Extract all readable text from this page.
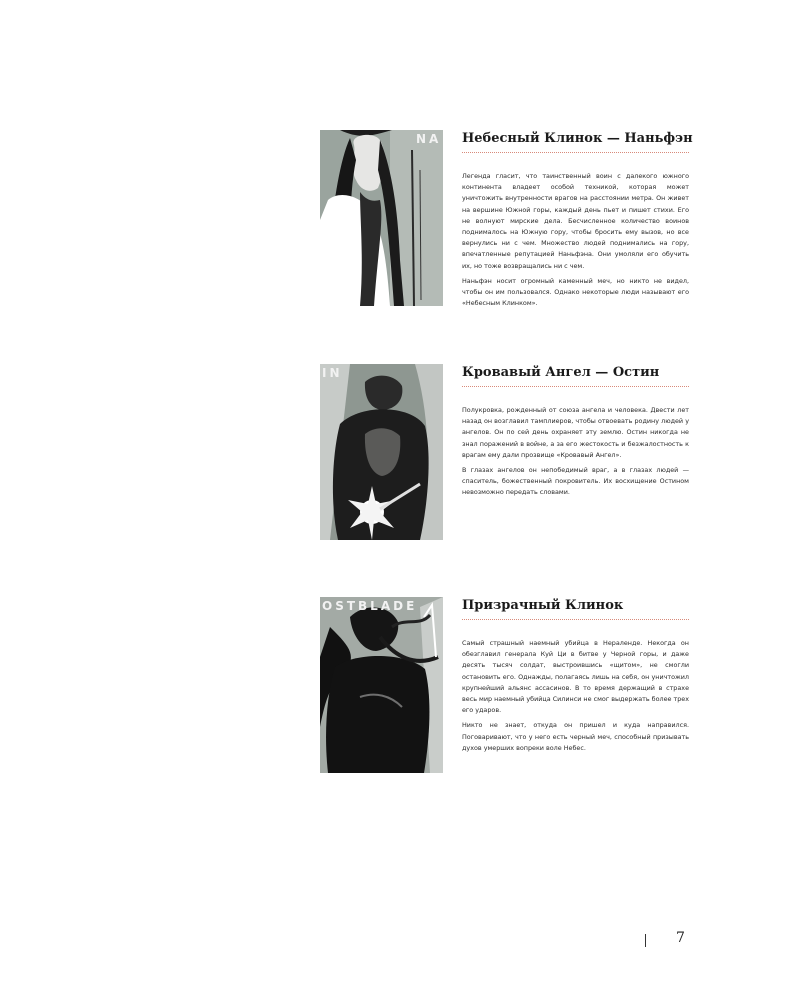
NA Небесный Клинок — Наньфэн

Легенда гласит, что таинственный воин с далекого южного континента владеет особой техникой, которая может уничтожить внутренности врагов на расстоянии метра. Он живет на вершине Южной горы, каждый день пьет и пишет стихи. Его не волнуют мирские дела. Бесчисленное количество воинов поднималось на Южную гору, чтобы бросить ему вызов, но все вернулись ни с чем. Множество людей поднимались на гору, впечатленные репутацией Наньфэна. Они умоляли его обучить их, но тоже возвращались ни с чем.

Наньфэн носит огромный каменный меч, но никто не видел, чтобы он им пользовался. Однако некоторые люди называют его «Небесным Клинком».

IN	Кровавый Ангел — Остин

Полукровка, рожденный от союза ангела и человека. Двести лет назад он возглавил тамплиеров, чтобы отвоевать родину людей у ангелов. Он по сей день охраняет эту землю. Остин никогда не знал поражений в войне, а за его жестокость и безжалостность к врагам ему дали прозвище «Кровавый Ангел».

В глазах ангелов он непобедимый враг, а в глазах людей — спаситель, божественный покровитель. Их восхищение Остином невозможно передать словами.

OSTBLADE	Призрачный Клинок

Самый страшный наемный убийца в Нераленде. Некогда он обезглавил генерала Куй Ци в битве у Черной горы, и даже десять тысяч солдат, выстроившись «щитом», не смогли остановить его. Однажды, полагаясь лишь на себя, он уничтожил крупнейший альянс ассасинов. В то время держащий в страхе весь мир наемный убийца Силинси не смог выдержать более трех его ударов.

Никто не знает, откуда он пришел и куда направился. Поговаривают, что у него есть черный меч, способный призывать духов умерших вопреки воле Небес.

7
